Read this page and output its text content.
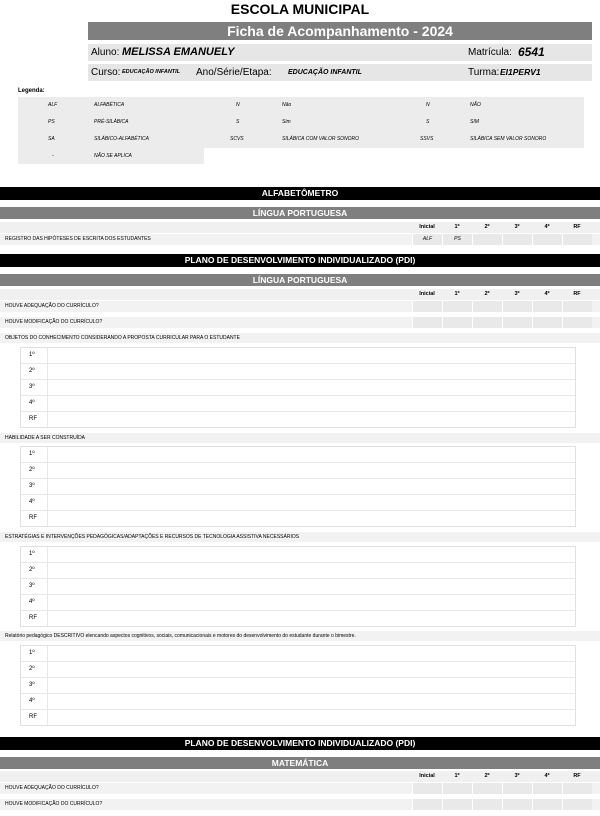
ESCOLA MUNICIPAL
Ficha de Acompanhamento - 2024
Aluno: MELISSA EMANUELY	Matrícula: 6541
Curso: EDUCAÇÃO INFANTIL Ano/Série/Etapa: EDUCAÇÃO INFANTIL	Turma: EI1PERV1
Legenda:
ALF	ALFABÉTICA	N	Não	N	NÃO
PS	PRÉ-SILÁBICA	S	Sim	S	SIM
SA	SILÁBICO-ALFABÉTICA	SCVS	SILÁBICA COM VALOR SONORO	SSVS	SILÁBICA SEM VALOR SONORO
-	NÃO SE APLICA
ALFABETÔMETRO
LÍNGUA PORTUGUESA
Inicial	1º	2º	3º	4º	RF
REGISTRO DAS HIPÓTESES DE ESCRITA DOS ESTUDANTES	ALF	PS
PLANO DE DESENVOLVIMENTO INDIVIDUALIZADO (PDI)
LÍNGUA PORTUGUESA
Inicial	1º	2º	3º	4º	RF
HOUVE ADEQUAÇÃO DO CURRÍCULO?
HOUVE MODIFICAÇÃO DO CURRÍCULO?
OBJETOS DO CONHECIMENTO CONSIDERANDO A PROPOSTA CURRICULAR PARA O ESTUDANTE
1º
2º
3º
4º
RF
HABILIDADE A SER CONSTRUÍDA
1º
2º
3º
4º
RF
ESTRATÉGIAS E INTERVENÇÕES PEDAGÓGICAS/ADAPTAÇÕES E RECURSOS DE TECNOLOGIA ASSISTIVA NECESSÁRIOS
1º
2º
3º
4º
RF
Relatório pedagógico DESCRITIVO elencando aspectos cognitivos, sociais, comunicacionais e motores do desenvolvimento do estudante durante o bimestre.
1º
2º
3º
4º
RF
PLANO DE DESENVOLVIMENTO INDIVIDUALIZADO (PDI)
MATEMÁTICA
Inicial	1º	2º	3º	4º	RF
HOUVE ADEQUAÇÃO DO CURRÍCULO?
HOUVE MODIFICAÇÃO DO CURRÍCULO?
